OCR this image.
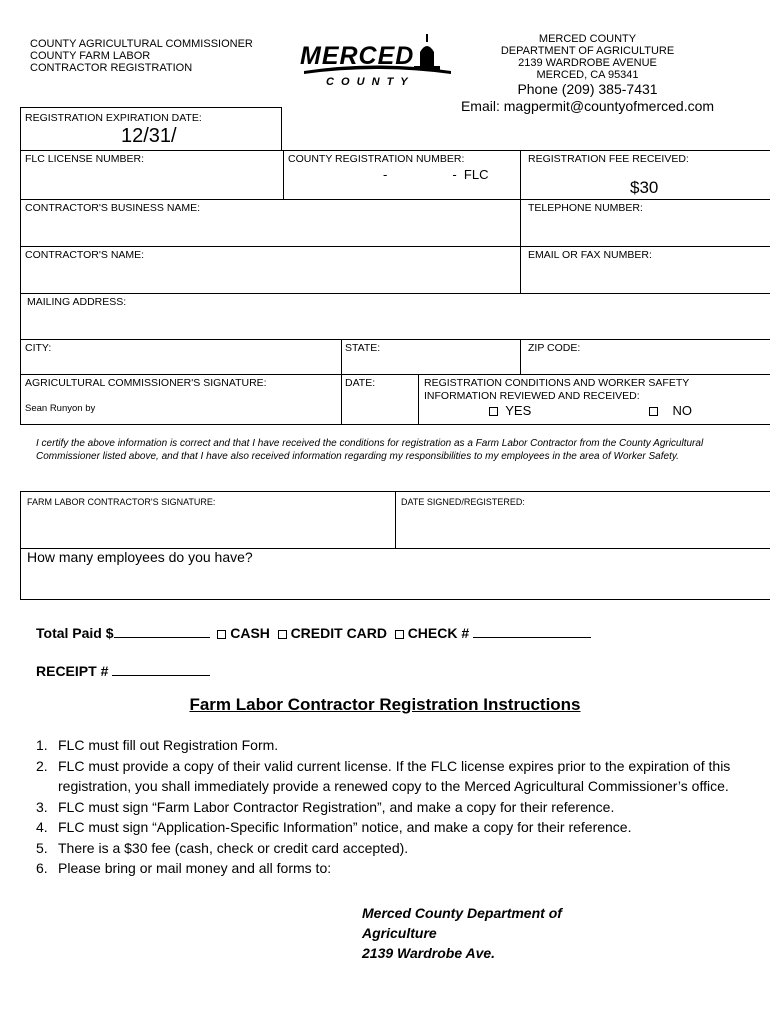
COUNTY AGRICULTURAL COMMISSIONER
COUNTY FARM LABOR
CONTRACTOR REGISTRATION	MERCED
C O U N T Y
MERCED COUNTY
DEPARTMENT OF AGRICULTURE
2139 WARDROBE AVENUE
MERCED, CA 95341
Phone (209) 385-7431
Email: magpermit@countyofmerced.com
REGISTRATION EXPIRATION DATE:
12/31/
FLC LICENSE NUMBER:	COUNTY REGISTRATION NUMBER:
-                  -  FLC
REGISTRATION FEE RECEIVED:
$30
CONTRACTOR'S BUSINESS NAME:	TELEPHONE NUMBER:
CONTRACTOR'S NAME:	EMAIL OR FAX NUMBER:
MAILING ADDRESS:
CITY:	STATE:	ZIP CODE:
AGRICULTURAL COMMISSIONER'S SIGNATURE:
Sean Runyon by
DATE:	REGISTRATION CONDITIONS AND WORKER SAFETY INFORMATION REVIEWED AND RECEIVED:
YES	NO
I certify the above information is correct and that I have received the conditions for registration as a Farm Labor Contractor from the County Agricultural Commissioner listed above, and that I have also received information regarding my responsibilities to my employees in the area of Worker Safety.
FARM LABOR CONTRACTOR'S SIGNATURE:	DATE SIGNED/REGISTERED:
How many employees do you have?
Total Paid $	CASH CREDIT CARD CHECK #
RECEIPT #
Farm Labor Contractor Registration Instructions
1. FLC must fill out Registration Form.
2. FLC must provide a copy of their valid current license. If the FLC license expires prior to the expiration of this registration, you shall immediately provide a renewed copy to the Merced Agricultural Commissioner’s office.
3. FLC must sign “Farm Labor Contractor Registration”, and make a copy for their reference.
4. FLC must sign “Application-Specific Information” notice, and make a copy for their reference.
5. There is a $30 fee (cash, check or credit card accepted).
6. Please bring or mail money and all forms to:
Merced County Department of
Agriculture
2139 Wardrobe Ave.
